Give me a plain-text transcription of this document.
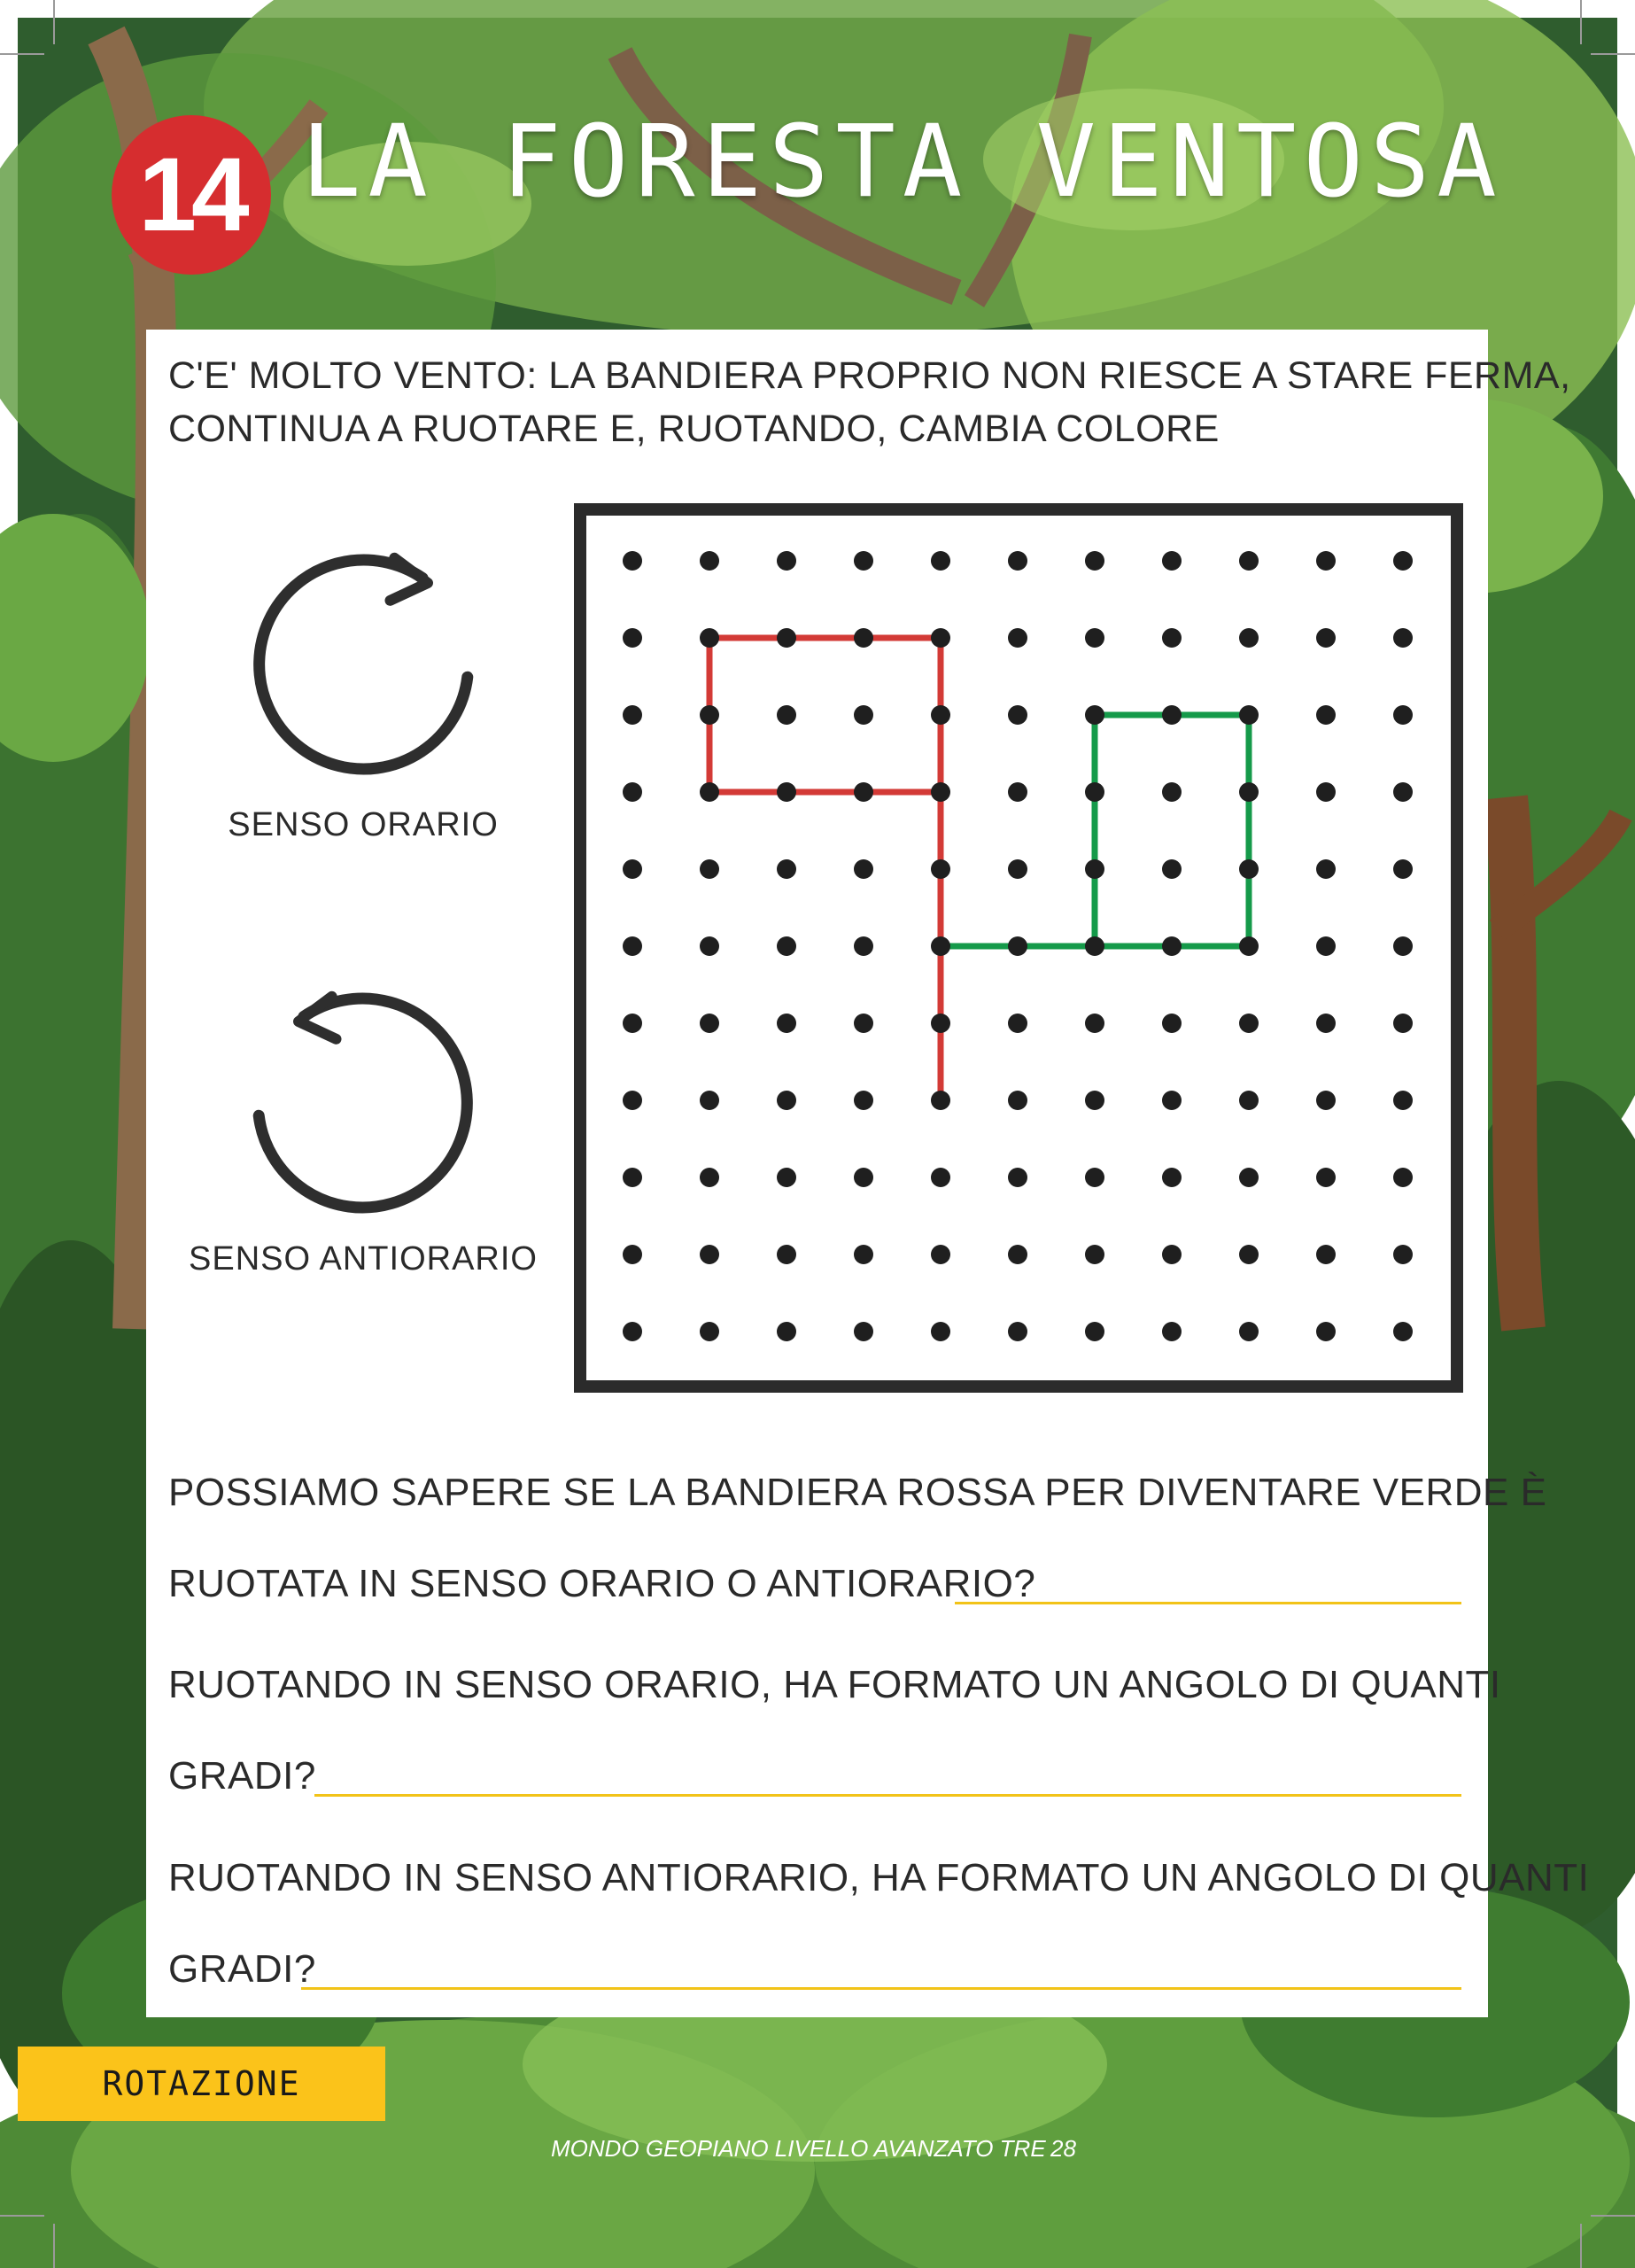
14 LA FORESTA VENTOSA
C'E' MOLTO VENTO: LA BANDIERA PROPRIO NON RIESCE A STARE FERMA,
CONTINUA A RUOTARE E, RUOTANDO, CAMBIA COLORE
SENSO ORARIO
SENSO ANTIORARIO
POSSIAMO SAPERE SE LA BANDIERA ROSSA PER DIVENTARE VERDE È
RUOTATA IN SENSO ORARIO O ANTIORARIO?
RUOTANDO IN SENSO ORARIO, HA FORMATO UN ANGOLO DI QUANTI
GRADI?
RUOTANDO IN SENSO ANTIORARIO, HA FORMATO UN ANGOLO DI QUANTI
GRADI?
ROTAZIONE
MONDO GEOPIANO LIVELLO AVANZATO TRE 28
